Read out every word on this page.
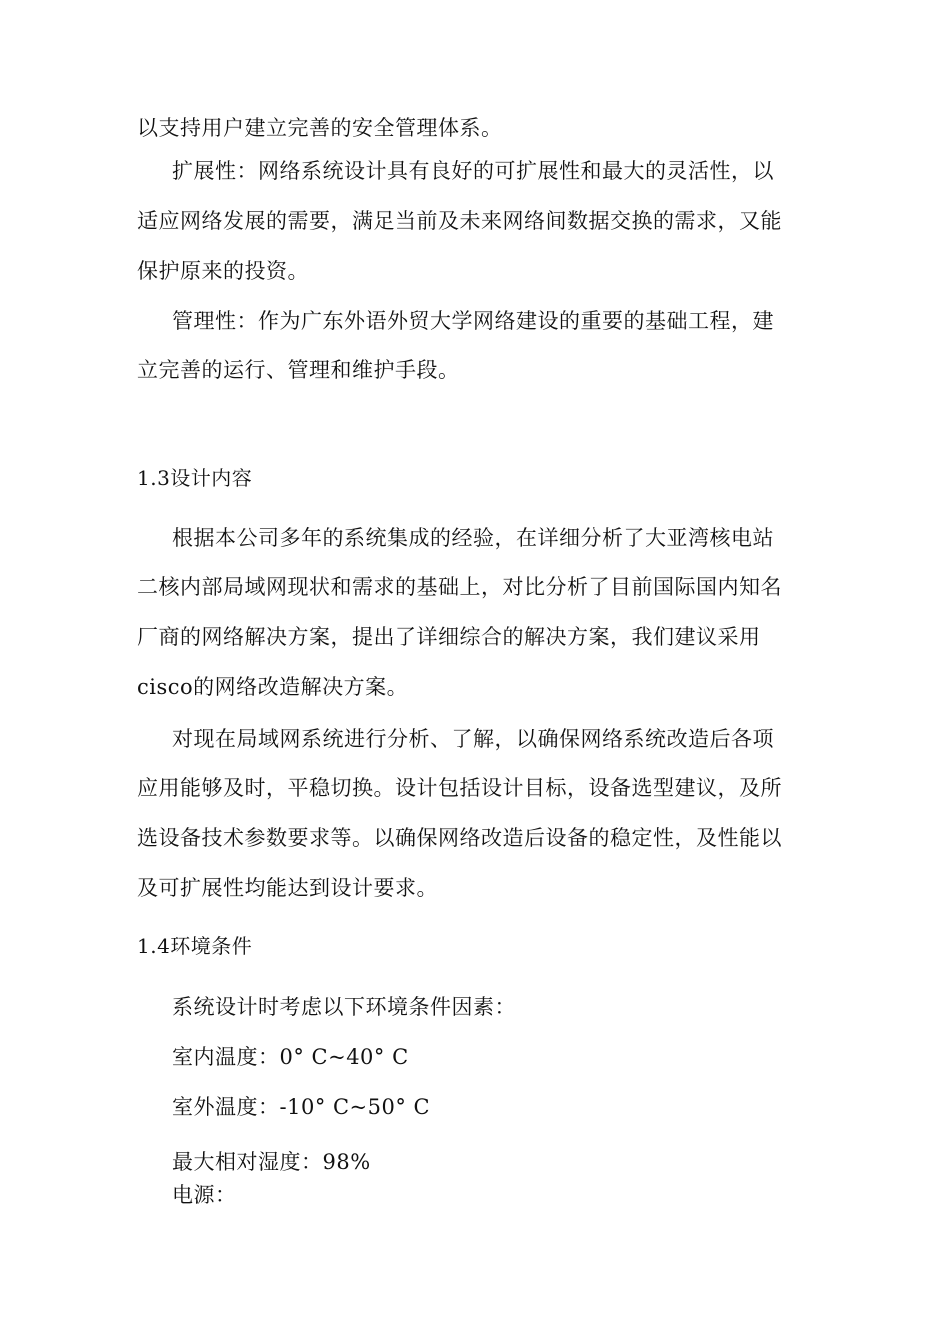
以支持用户建立完善的安全管理体系。
扩展性：网络系统设计具有良好的可扩展性和最大的灵活性，以
适应网络发展的需要，满足当前及未来网络间数据交换的需求，又能
保护原来的投资。
管理性：作为广东外语外贸大学网络建设的重要的基础工程，建
立完善的运行、管理和维护手段。
1.3设计内容
根据本公司多年的系统集成的经验，在详细分析了大亚湾核电站
二核内部局域网现状和需求的基础上，对比分析了目前国际国内知名
厂商的网络解决方案，提出了详细综合的解决方案，我们建议采用
cisco的网络改造解决方案。
对现在局域网系统进行分析、了解，以确保网络系统改造后各项
应用能够及时，平稳切换。设计包括设计目标，设备选型建议，及所
选设备技术参数要求等。以确保网络改造后设备的稳定性，及性能以
及可扩展性均能达到设计要求。
1.4环境条件
系统设计时考虑以下环境条件因素：
室内温度：0° C~40° C
室外温度：-10° C~50° C
最大相对湿度：98%
电源：
